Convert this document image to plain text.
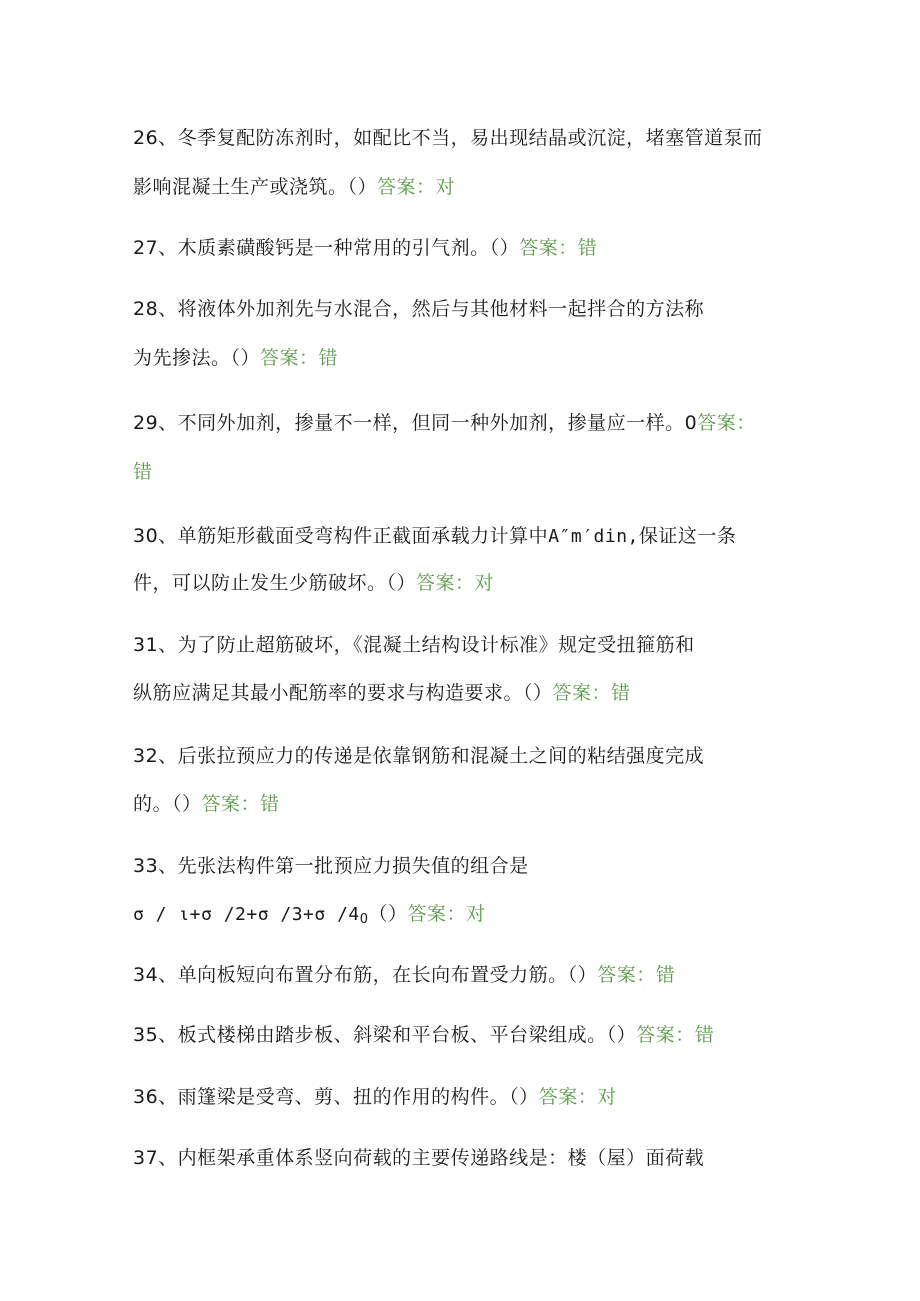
26、冬季复配防冻剂时，如配比不当，易出现结晶或沉淀，堵塞管道泵而
影响混凝土生产或浇筑。（）答案：对
27、木质素磺酸钙是一种常用的引气剂。（）答案：错
28、将液体外加剂先与水混合，然后与其他材料一起拌合的方法称
为先掺法。（）答案：错
29、不同外加剂，掺量不一样，但同一种外加剂，掺量应一样。0答案：
错
30、单筋矩形截面受弯构件正截面承载力计算中A″m′din,保证这一条
件，可以防止发生少筋破坏。（）答案：对
31、为了防止超筋破坏，《混凝土结构设计标准》规定受扭箍筋和
纵筋应满足其最小配筋率的要求与构造要求。（）答案：错
32、后张拉预应力的传递是依靠钢筋和混凝土之间的粘结强度完成
的。（）答案：错
33、先张法构件第一批预应力损失值的组合是
σ / ι+σ /2+σ /3+σ $/4_0()$答案：对
34、单向板短向布置分布筋，在长向布置受力筋。（）答案：错
35、板式楼梯由踏步板、斜梁和平台板、平台梁组成。（）答案：错
36、雨篷梁是受弯、剪、扭的作用的构件。（）答案：对
37、内框架承重体系竖向荷载的主要传递路线是：楼（屋）面荷载
